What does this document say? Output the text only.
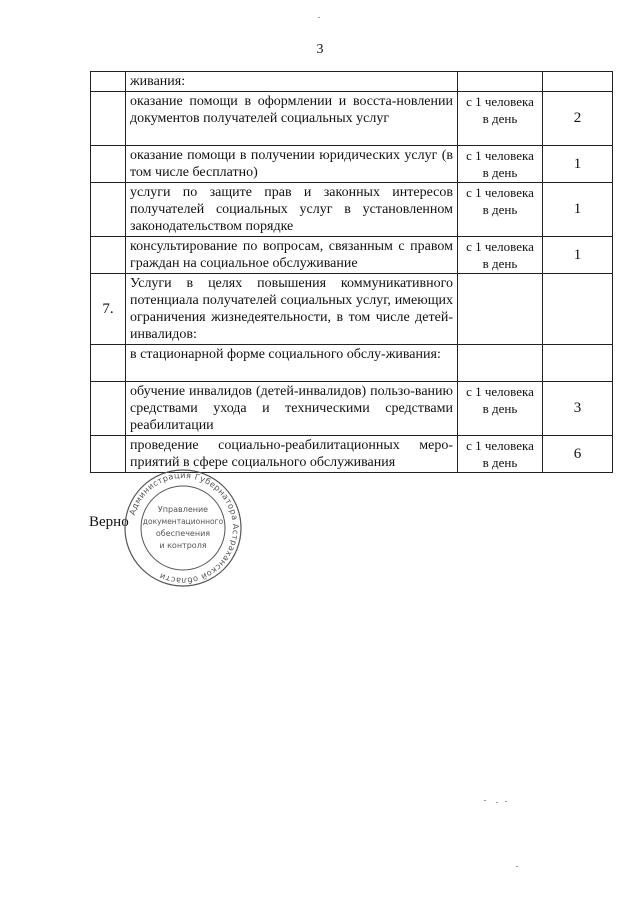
3
	живания:		
	оказание помощи в оформлении и восста-новлении документов получателей социальных услуг	с 1 человека в день	2
	оказание помощи в получении юридических услуг (в том числе бесплатно)	с 1 человека в день	1
	услуги по защите прав и законных интересов получателей социальных услуг в установленном законодательством порядке	с 1 человека в день	1
	консультирование по вопросам, связанным с правом граждан на социальное обслуживание	с 1 человека в день	1
7.	Услуги в целях повышения коммуникативного потенциала получателей социальных услуг, имеющих ограничения жизнедеятельности, в том числе детей-инвалидов:		
	в стационарной форме социального обслу-живания:		
	обучение инвалидов (детей-инвалидов) пользо-ванию средствами ухода и техническими средствами реабилитации	с 1 человека в день	3
	проведение социально-реабилитационных меро-приятий в сфере социального обслуживания	с 1 человека в день	6
Верно
Администрация Губернатора Астраханской области
Управление
документационного
обеспечения
и контроля
